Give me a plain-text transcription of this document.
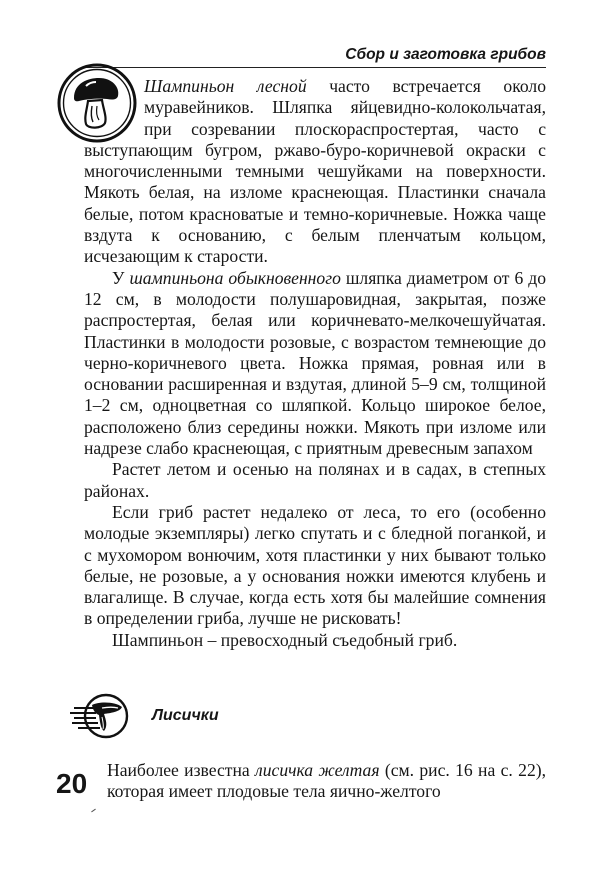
Сбор и заготовка грибов

Шампиньон лесной часто встречается около муравейников. Шляпка яйцевидно-колокольчатая, при созревании плоскораспростертая, часто с выступающим бугром, ржаво-буро-коричневой окраски с многочисленными темными чешуйками на поверхности. Мякоть белая, на изломе краснеющая. Пластинки сначала белые, потом красноватые и темно-коричневые. Ножка чаще вздута к основанию, с белым пленчатым кольцом, исчезающим к старости.

У шампиньона обыкновенного шляпка диаметром от 6 до 12 см, в молодости полушаровидная, закрытая, позже распростертая, белая или коричневато-мелкочешуйчатая. Пластинки в молодости розовые, с возрастом темнеющие до черно-коричневого цвета. Ножка прямая, ровная или в основании расширенная и вздутая, длиной 5–9 см, толщиной 1–2 см, одноцветная со шляпкой. Кольцо широкое белое, расположено близ середины ножки. Мякоть при изломе или надрезе слабо краснеющая, с приятным древесным запахом

Растет летом и осенью на полянах и в садах, в степных районах.

Если гриб растет недалеко от леса, то его (особенно молодые экземпляры) легко спутать и с бледной поганкой, и с мухомором вонючим, хотя пластинки у них бывают только белые, не розовые, а у основания ножки имеются клубень и влагалище. В случае, когда есть хотя бы малейшие сомнения в определении гриба, лучше не рисковать!

Шампиньон – превосходный съедобный гриб.

Лисички
20 Наиболее известна лисичка желтая (см. рис. 16 на с. 22), которая имеет плодовые тела яично-желтого
